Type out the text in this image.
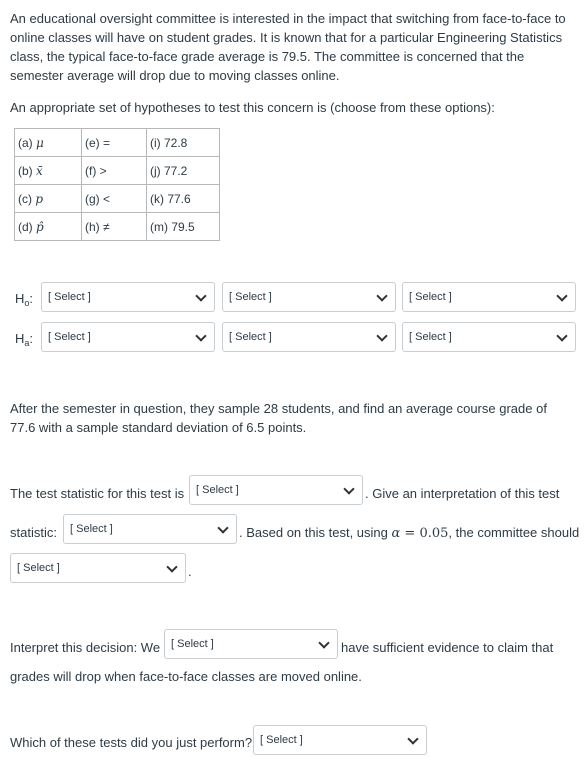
An educational oversight committee is interested in the impact that switching from face-to-face to online classes will have on student grades. It is known that for a particular Engineering Statistics class, the typical face-to-face grade average is 79.5. The committee is concerned that the semester average will drop due to moving classes online.

An appropriate set of hypotheses to test this concern is (choose from these options):

(a) μ	(e) =	(i) 72.8
(b) x̄	(f) >	(j) 77.2
(c) p	(g) <	(k) 77.6
(d) p̂	(h) ≠	(m) 79.5
$H_o$: [ Select ]	[ Select ]	[ Select ]
$H_a$: [ Select ]	[ Select ]	[ Select ]

After the semester in question, they sample 28 students, and find an average course grade of 77.6 with a sample standard deviation of 6.5 points.

The test statistic for this test is [ Select ]	. Give an interpretation of this test
statistic: [ Select ]	. Based on this test, using α = 0.05, the committee should
[ Select ]	.
Interpret this decision: We [ Select ]	have sufficient evidence to claim that
grades will drop when face-to-face classes are moved online.
Which of these tests did you just perform? [ Select ]
